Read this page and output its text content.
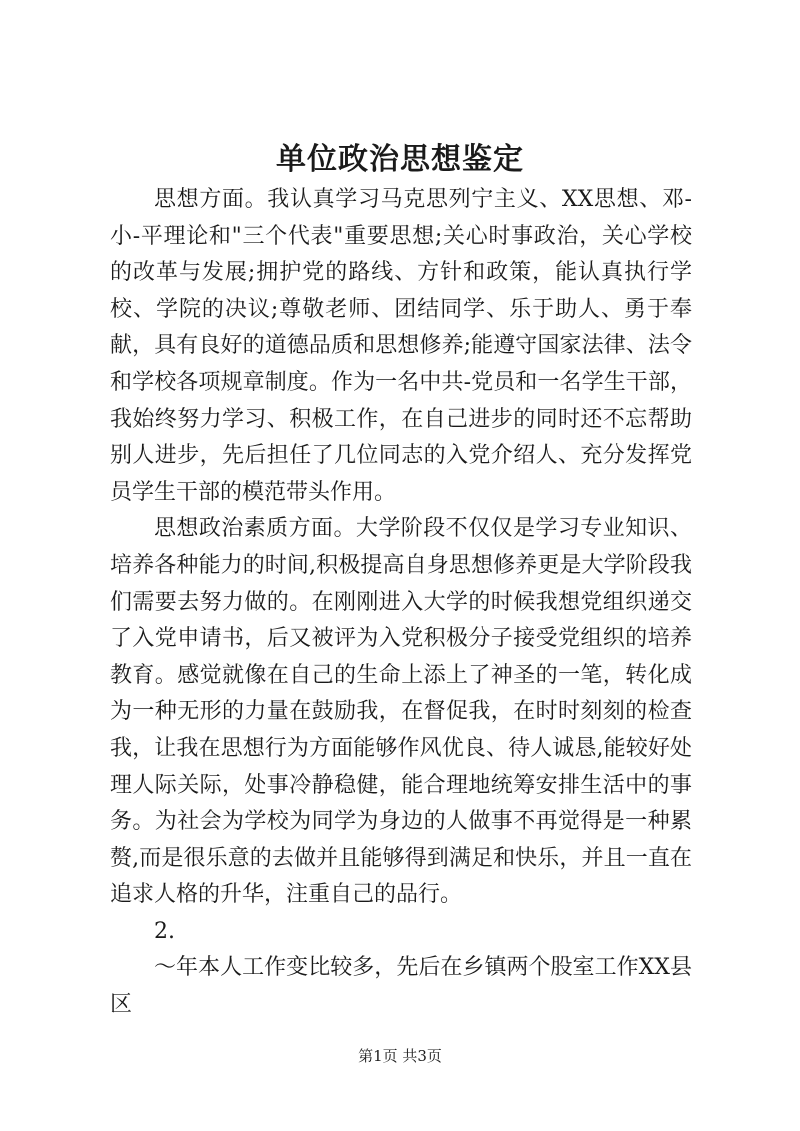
单位政治思想鉴定

思想方面。我认真学习马克思列宁主义、XX思想、邓-小-平理论和"三个代表"重要思想;关心时事政治，关心学校的改革与发展;拥护党的路线、方针和政策，能认真执行学校、学院的决议;尊敬老师、团结同学、乐于助人、勇于奉献，具有良好的道德品质和思想修养;能遵守国家法律、法令和学校各项规章制度。作为一名中共-党员和一名学生干部，我始终努力学习、积极工作，在自己进步的同时还不忘帮助别人进步，先后担任了几位同志的入党介绍人、充分发挥党员学生干部的模范带头作用。

思想政治素质方面。大学阶段不仅仅是学习专业知识、培养各种能力的时间,积极提高自身思想修养更是大学阶段我们需要去努力做的。在刚刚进入大学的时候我想党组织递交了入党申请书，后又被评为入党积极分子接受党组织的培养教育。感觉就像在自己的生命上添上了神圣的一笔，转化成为一种无形的力量在鼓励我，在督促我，在时时刻刻的检查我，让我在思想行为方面能够作风优良、待人诚恳,能较好处理人际关际，处事冷静稳健，能合理地统筹安排生活中的事务。为社会为学校为同学为身边的人做事不再觉得是一种累赘,而是很乐意的去做并且能够得到满足和快乐，并且一直在追求人格的升华，注重自己的品行。

2.

～年本人工作变比较多，先后在乡镇两个股室工作XX县区

第1页 共3页
